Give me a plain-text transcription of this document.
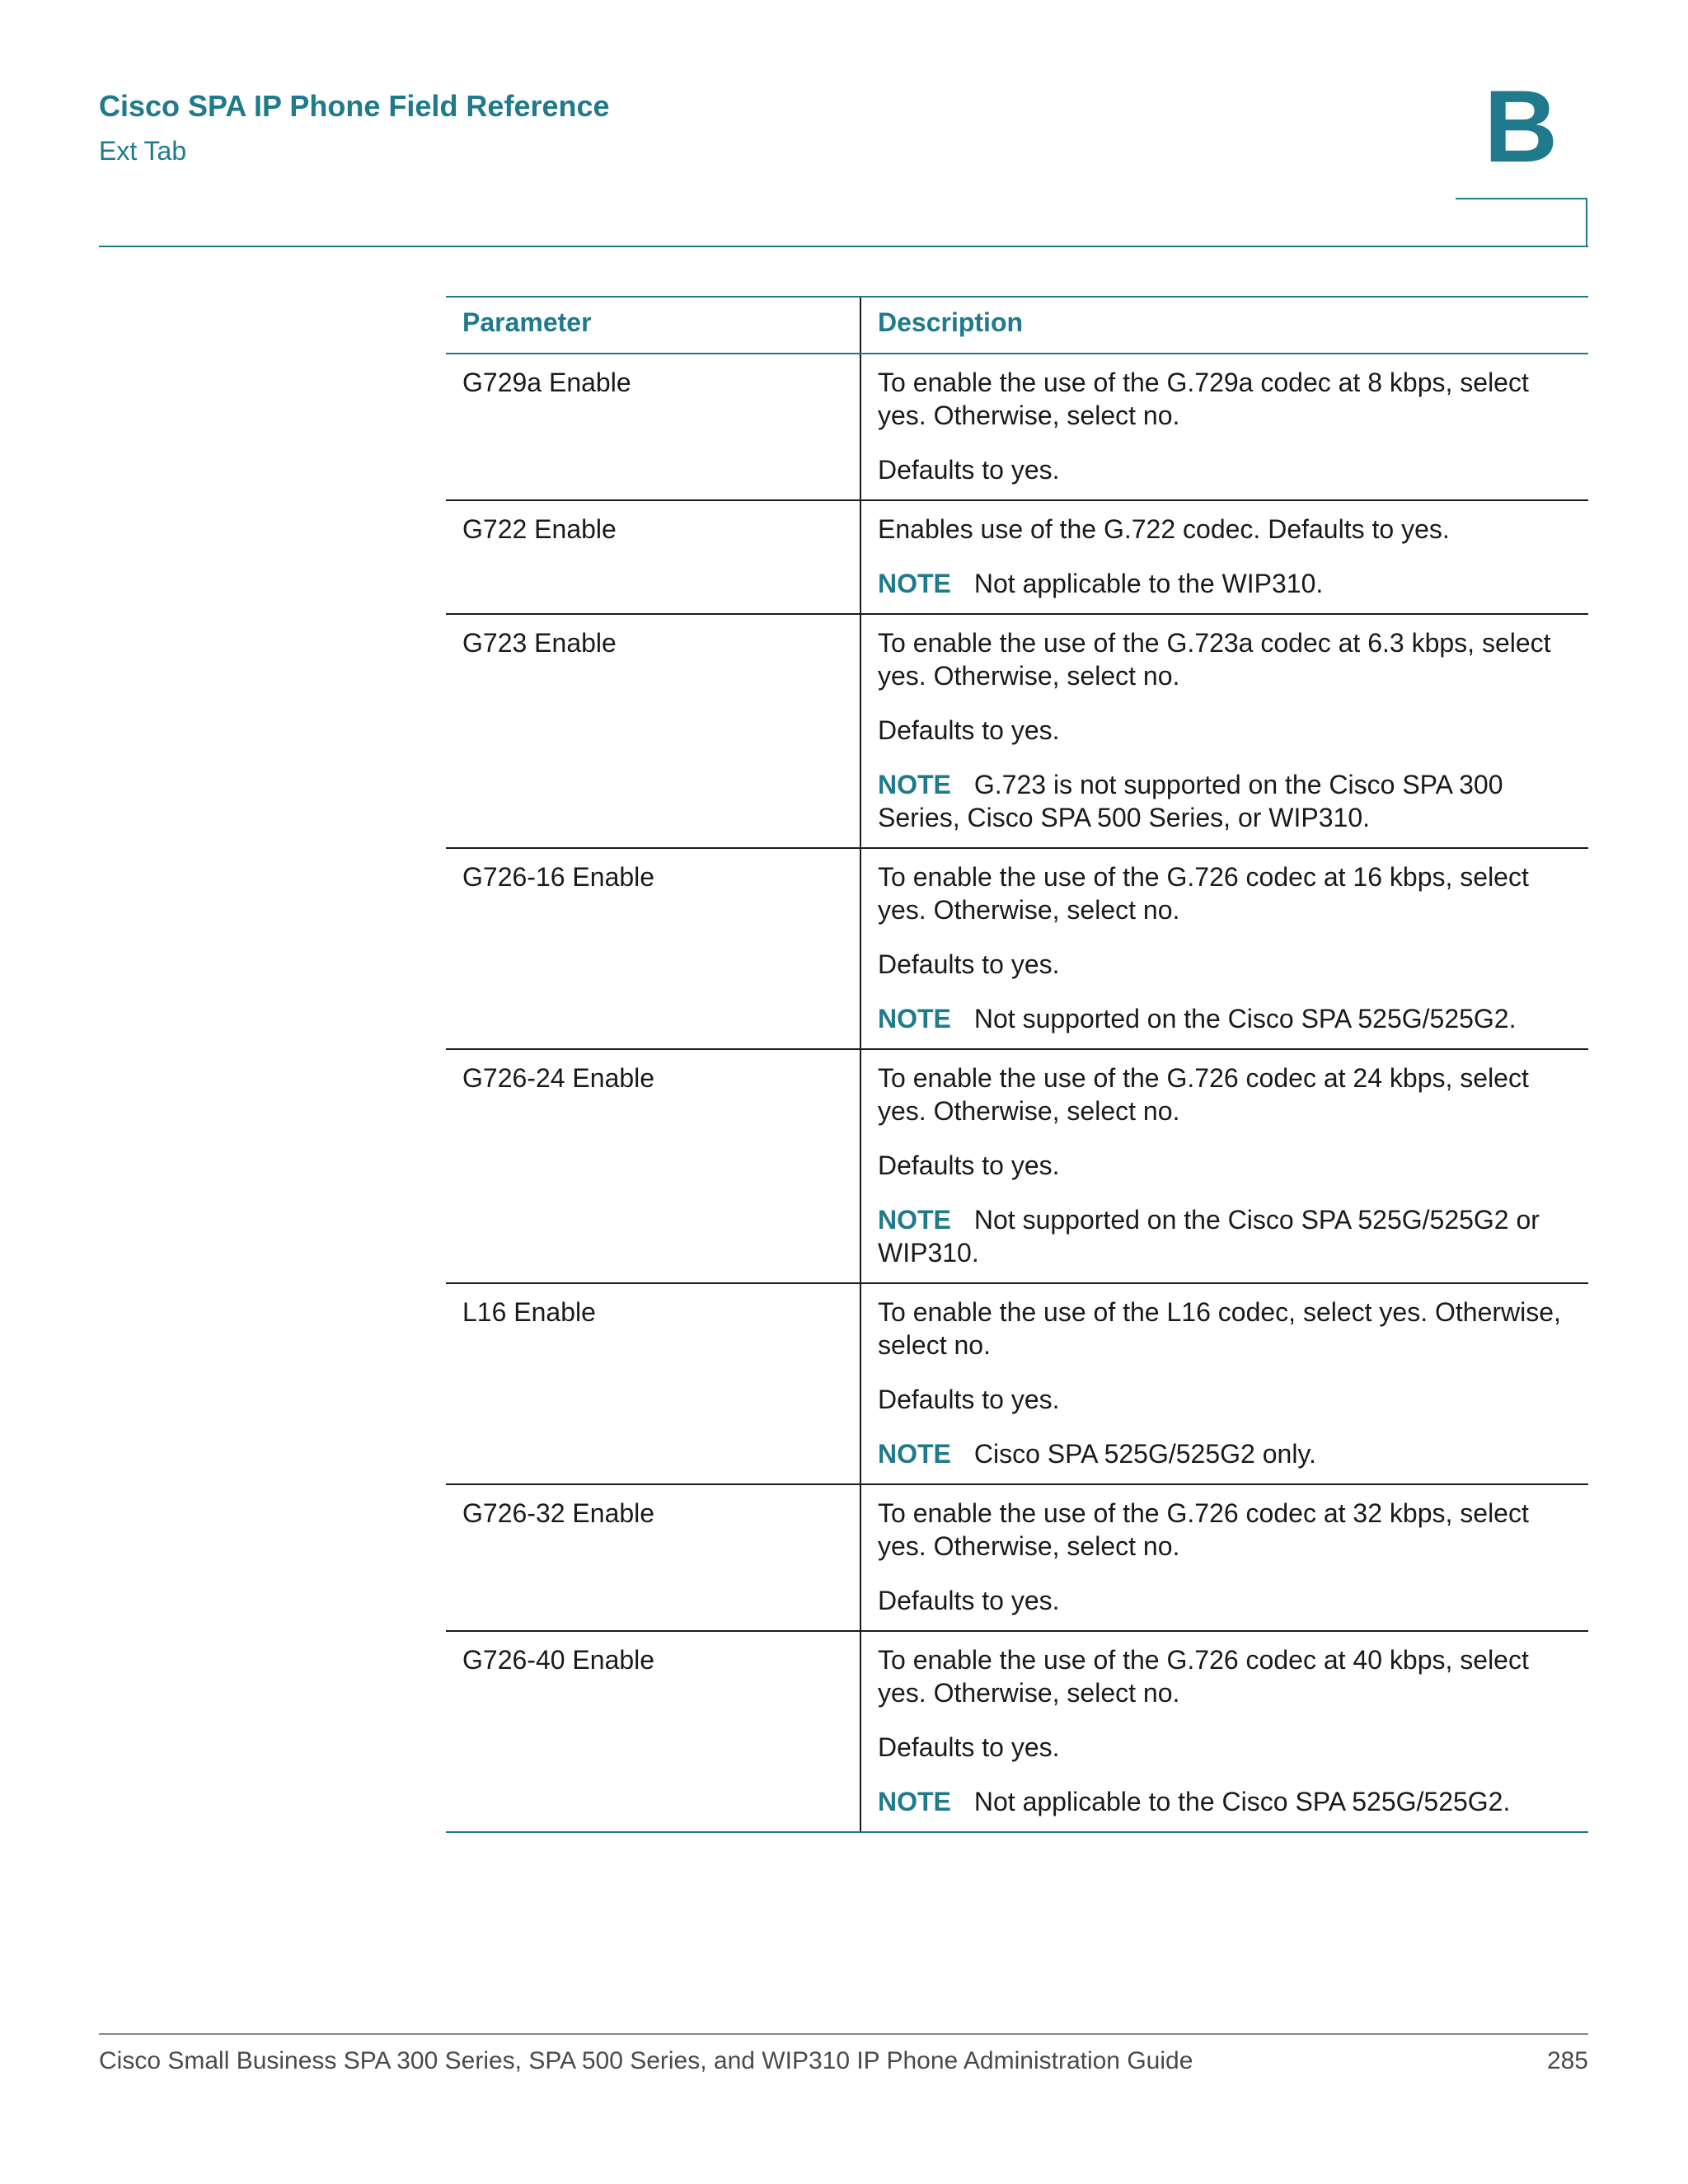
Cisco SPA IP Phone Field Reference
Ext Tab	B
Parameter	Description
G729a Enable	To enable the use of the G.729a codec at 8 kbps, select yes. Otherwise, select no.

Defaults to yes.

G722 Enable	Enables use of the G.722 codec. Defaults to yes.

NOTE Not applicable to the WIP310.

G723 Enable	To enable the use of the G.723a codec at 6.3 kbps, select yes. Otherwise, select no.

Defaults to yes.

NOTE G.723 is not supported on the Cisco SPA 300 Series, Cisco SPA 500 Series, or WIP310.

G726-16 Enable	To enable the use of the G.726 codec at 16 kbps, select yes. Otherwise, select no.

Defaults to yes.

NOTE Not supported on the Cisco SPA 525G/525G2.

G726-24 Enable	To enable the use of the G.726 codec at 24 kbps, select yes. Otherwise, select no.

Defaults to yes.

NOTE Not supported on the Cisco SPA 525G/525G2 or WIP310.

L16 Enable	To enable the use of the L16 codec, select yes. Otherwise, select no.

Defaults to yes.

NOTE Cisco SPA 525G/525G2 only.

G726-32 Enable	To enable the use of the G.726 codec at 32 kbps, select yes. Otherwise, select no.

Defaults to yes.

G726-40 Enable	To enable the use of the G.726 codec at 40 kbps, select yes. Otherwise, select no.

Defaults to yes.

NOTE Not applicable to the Cisco SPA 525G/525G2.

Cisco Small Business SPA 300 Series, SPA 500 Series, and WIP310 IP Phone Administration Guide	285
